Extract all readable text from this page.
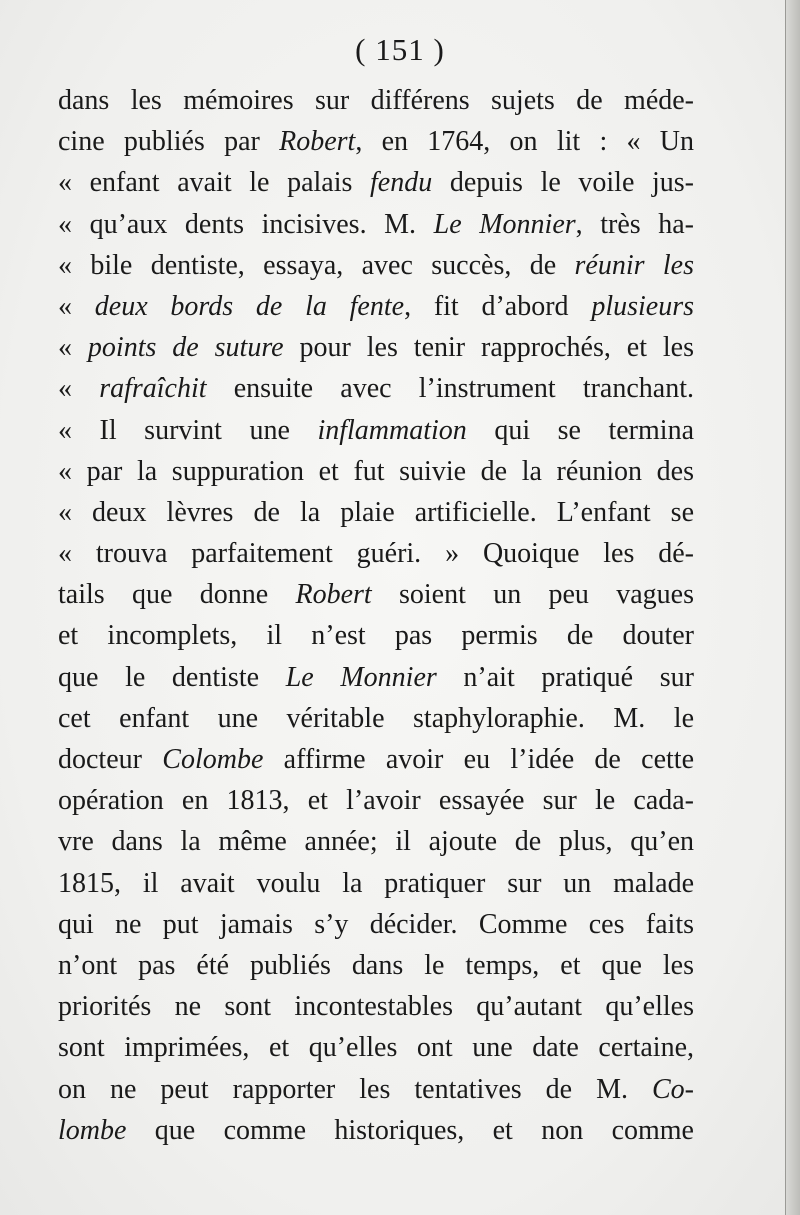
( 151 )
dans les mémoires sur différens sujets de méde-
cine publiés par Robert, en 1764, on lit : « Un
« enfant avait le palais fendu depuis le voile jus-
« qu’aux dents incisives. M. Le Monnier, très ha-
« bile dentiste, essaya, avec succès, de réunir les
« deux bords de la fente, fit d’abord plusieurs
« points de suture pour les tenir rapprochés, et les
« rafraîchit ensuite avec l’instrument tranchant.
« Il survint une inflammation qui se termina
« par la suppuration et fut suivie de la réunion des
« deux lèvres de la plaie artificielle. L’enfant se
« trouva parfaitement guéri. » Quoique les dé-
tails que donne Robert soient un peu vagues
et incomplets, il n’est pas permis de douter
que le dentiste Le Monnier n’ait pratiqué sur
cet enfant une véritable staphyloraphie. M. le
docteur Colombe affirme avoir eu l’idée de cette
opération en 1813, et l’avoir essayée sur le cada-
vre dans la même année; il ajoute de plus, qu’en
1815, il avait voulu la pratiquer sur un malade
qui ne put jamais s’y décider. Comme ces faits
n’ont pas été publiés dans le temps, et que les
priorités ne sont incontestables qu’autant qu’elles
sont imprimées, et qu’elles ont une date certaine,
on ne peut rapporter les tentatives de M. Co-
lombe que comme historiques, et non comme
